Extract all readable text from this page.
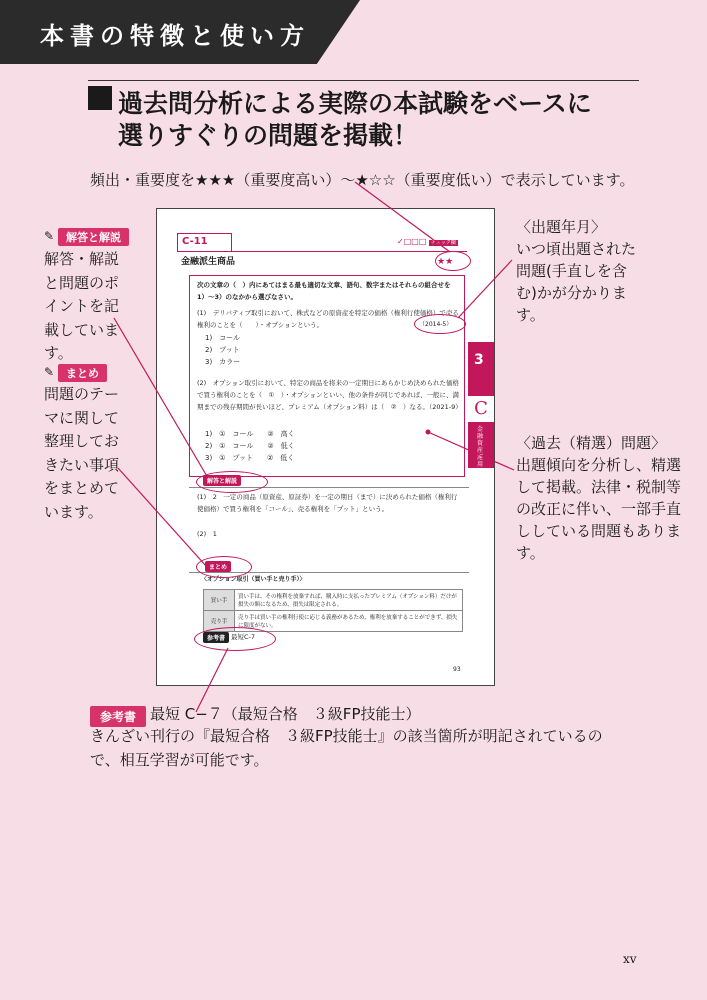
本書の特徴と使い方
過去問分析による実際の本試験をベースに
選りすぐりの問題を掲載！
頻出・重要度を★★★（重要度高い）～★☆☆（重要度低い）で表示しています。
✎	解答と解説
解答・解説と問題のポイントを記載しています。
✎	まとめ
問題のテーマに関して整理しておきたい事項をまとめています。
〈出題年月〉
いつ頃出題された問題(手直しを含む)かが分かります。
〈過去（精選）問題〉
出題傾向を分析し、精選して掲載。法律・税制等の改正に伴い、一部手直ししている問題もあります。
C-11	✓□□□ チェック欄
金融派生商品	★★
次の文章の（　）内にあてはまる最も適切な文章、語句、数字またはそれらの組合せを1）～3）のなかから選びなさい。
(1)　デリバティブ取引において、株式などの原資産を特定の価格（権利行使価格）で売る権利のことを（　　）・オプションという。	（2014-5）
1)　コール
2)　プット
3)　カラー
(2)　オプション取引において、特定の商品を将来の一定期日にあらかじめ決められた価格で買う権利のことを（　①　）・オプションといい、他の条件が同じであれば、一般に、満期までの残存期間が長いほど、プレミアム（オプション料）は（　②　）なる。（2021-9）
1)　①　コール　　②　高く
2)　①　コール　　②　低く
3)　①　プット　　②　低く
3
C
金融資産運用
解答と解説
(1)　2　一定の商品（原資産、原証券）を一定の期日（まで）に決められた価格（権利行使価格）で買う権利を「コール」、売る権利を「プット」という。
(2)　1
まとめ
〈オプション取引（買い手と売り手）〉
買い手	買い手は、その権利を放棄すれば、購入時に支払ったプレミアム（オプション料）だけが損失の額になるため、損失は限定される。
売り手	売り手は買い手の権利行使に応じる義務があるため、権利を放棄することができず、損失に限度がない。
参考書 最短C-7
93
参考書 最短 C−７（最短合格　３級FP技能士）
きんざい刊行の『最短合格　３級FP技能士』の該当箇所が明記されているので、相互学習が可能です。
xv
